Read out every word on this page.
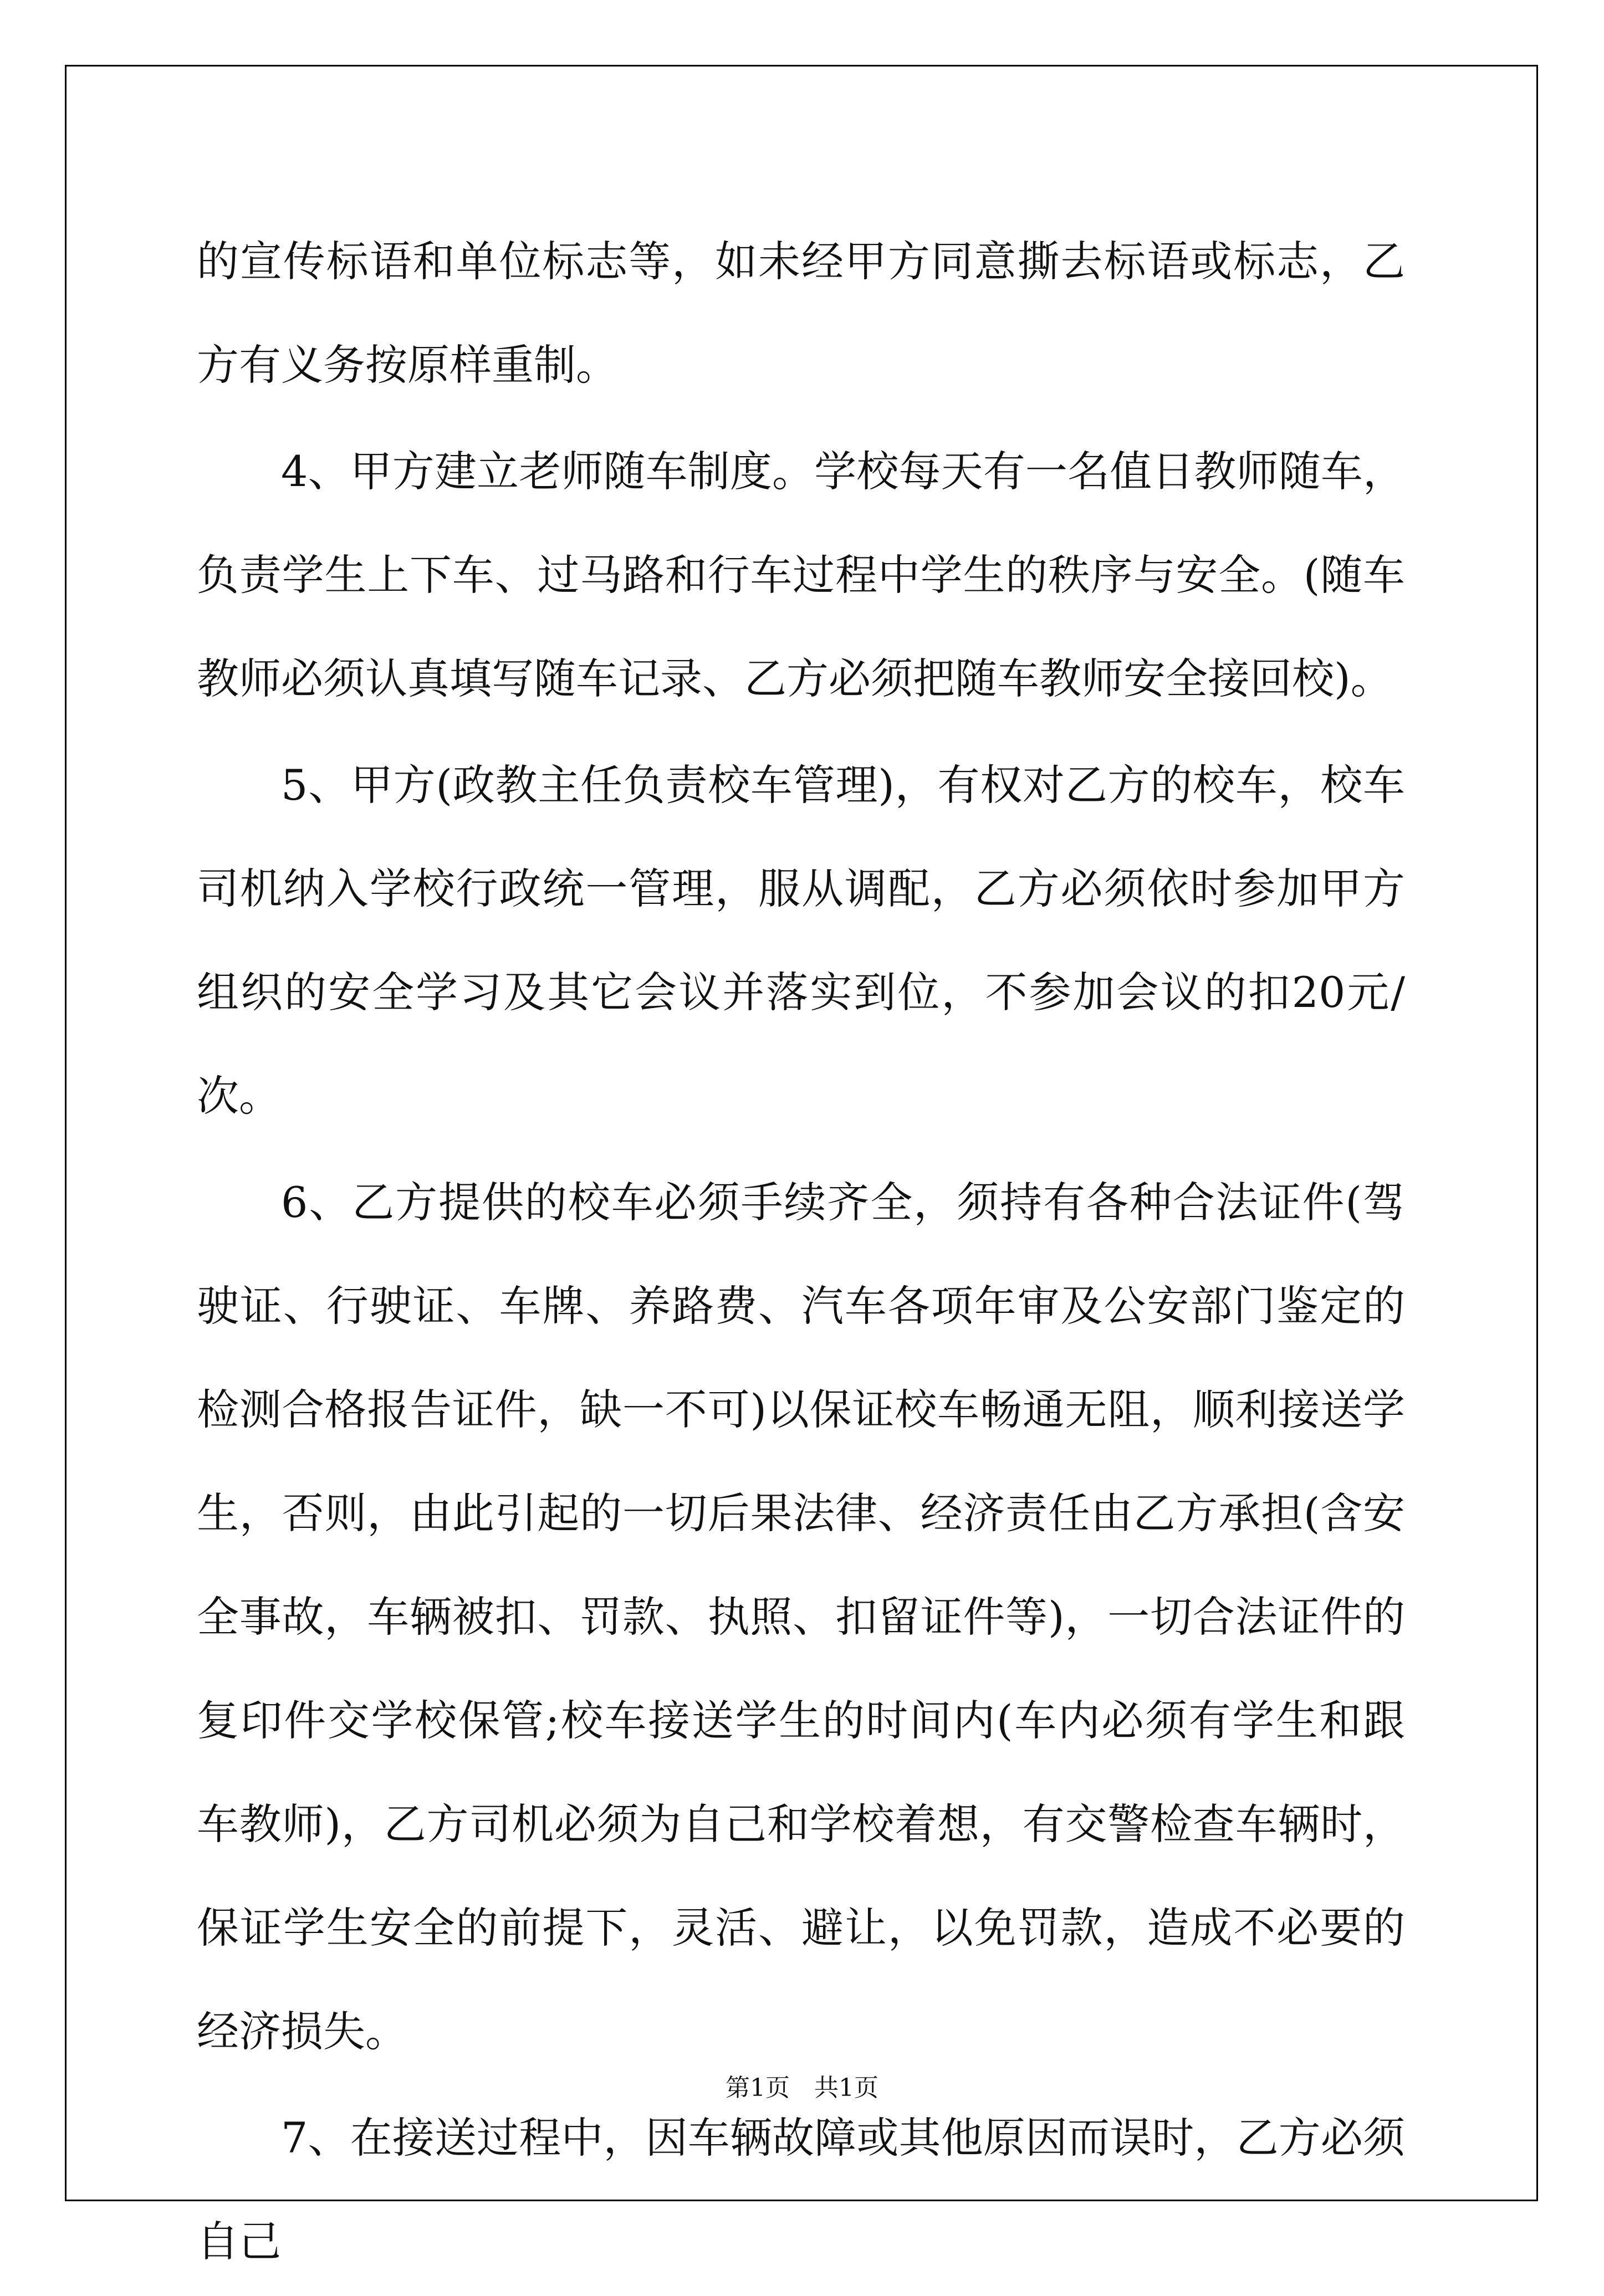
的宣传标语和单位标志等，如未经甲方同意撕去标语或标志，乙方有义务按原样重制。

4、甲方建立老师随车制度。学校每天有一名值日教师随车，负责学生上下车、过马路和行车过程中学生的秩序与安全。(随车教师必须认真填写随车记录、乙方必须把随车教师安全接回校)。

5、甲方(政教主任负责校车管理)，有权对乙方的校车，校车司机纳入学校行政统一管理，服从调配，乙方必须依时参加甲方组织的安全学习及其它会议并落实到位，不参加会议的扣20元/次。

6、乙方提供的校车必须手续齐全，须持有各种合法证件(驾驶证、行驶证、车牌、养路费、汽车各项年审及公安部门鉴定的检测合格报告证件，缺一不可)以保证校车畅通无阻，顺利接送学生，否则，由此引起的一切后果法律、经济责任由乙方承担(含安全事故，车辆被扣、罚款、执照、扣留证件等)，一切合法证件的复印件交学校保管;校车接送学生的时间内(车内必须有学生和跟车教师)，乙方司机必须为自己和学校着想，有交警检查车辆时，保证学生安全的前提下，灵活、避让，以免罚款，造成不必要的经济损失。

7、在接送过程中，因车辆故障或其他原因而误时，乙方必须自己

第1页 共1页
